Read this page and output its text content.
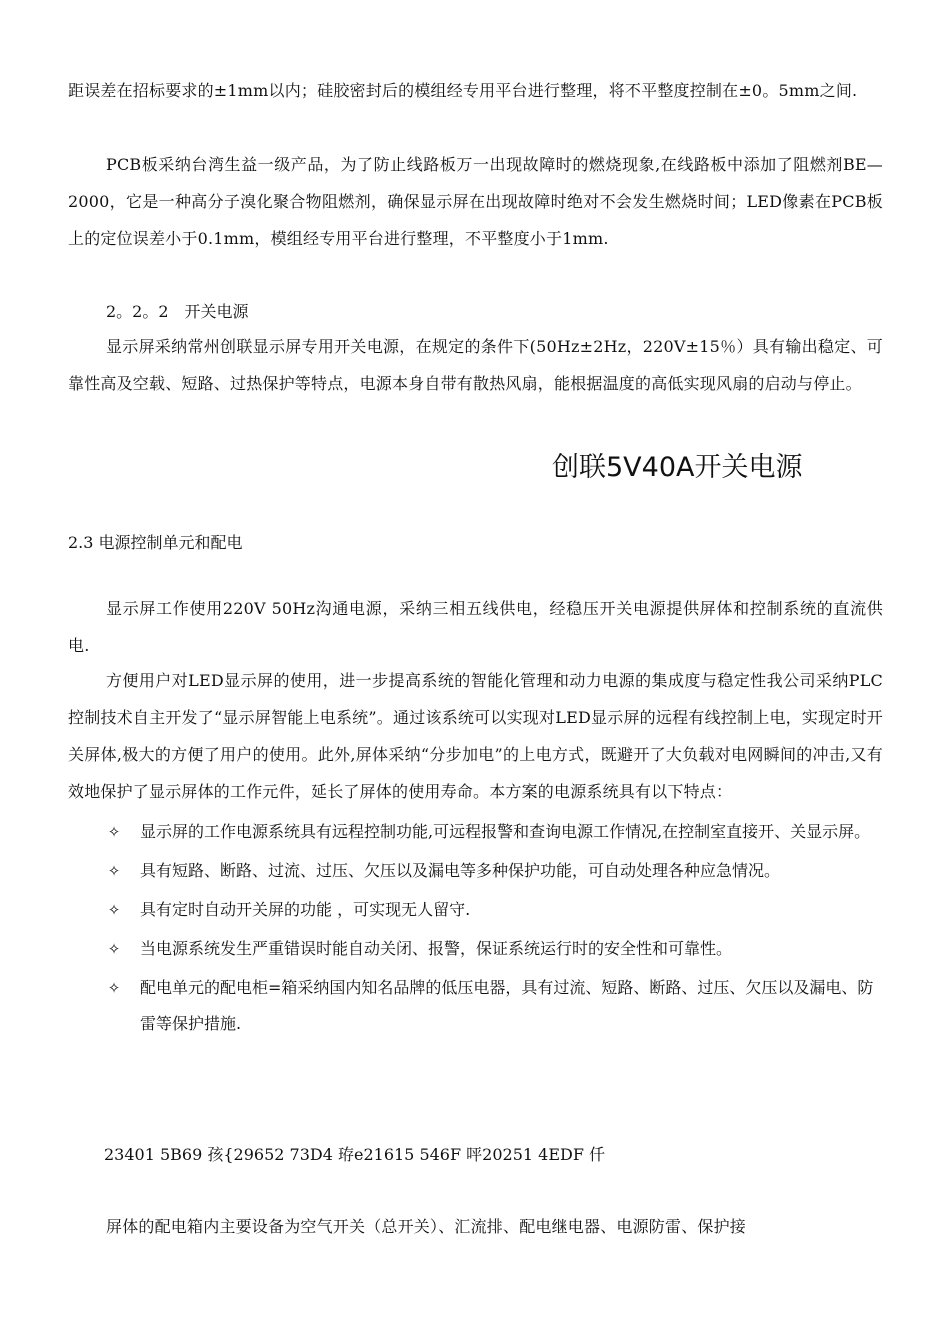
距误差在招标要求的±1mm以内；硅胶密封后的模组经专用平台进行整理，将不平整度控制在±0。5mm之间.

PCB板采纳台湾生益一级产品，为了防止线路板万一出现故障时的燃烧现象,在线路板中添加了阻燃剂BE—2000，它是一种高分子溴化聚合物阻燃剂，确保显示屏在出现故障时绝对不会发生燃烧时间；LED像素在PCB板上的定位误差小于0.1mm，模组经专用平台进行整理，不平整度小于1mm.

2。2。2　开关电源

显示屏采纳常州创联显示屏专用开关电源，在规定的条件下(50Hz±2Hz，220V±15％）具有输出稳定、可靠性高及空载、短路、过热保护等特点，电源本身自带有散热风扇，能根据温度的高低实现风扇的启动与停止。

创联5V40A开关电源

2.3 电源控制单元和配电

显示屏工作使用220V 50Hz沟通电源，采纳三相五线供电，经稳压开关电源提供屏体和控制系统的直流供电.

方便用户对LED显示屏的使用，进一步提高系统的智能化管理和动力电源的集成度与稳定性我公司采纳PLC控制技术自主开发了“显示屏智能上电系统”。通过该系统可以实现对LED显示屏的远程有线控制上电，实现定时开关屏体,极大的方便了用户的使用。此外,屏体采纳“分步加电”的上电方式，既避开了大负载对电网瞬间的冲击,又有效地保护了显示屏体的工作元件，延长了屏体的使用寿命。本方案的电源系统具有以下特点：

✧ 显示屏的工作电源系统具有远程控制功能,可远程报警和查询电源工作情况,在控制室直接开、关显示屏。
✧ 具有短路、断路、过流、过压、欠压以及漏电等多种保护功能，可自动处理各种应急情况。
✧ 具有定时自动开关屏的功能 ，可实现无人留守.
✧ 当电源系统发生严重错误时能自动关闭、报警，保证系统运行时的安全性和可靠性。
✧ 配电单元的配电柜=箱采纳国内知名品牌的低压电器，具有过流、短路、断路、过压、欠压以及漏电、防雷等保护措施.

23401 5B69 孩{29652 73D4 珔e21615 546F 呯20251 4EDF 仟

屏体的配电箱内主要设备为空气开关（总开关）、汇流排、配电继电器、电源防雷、保护接
